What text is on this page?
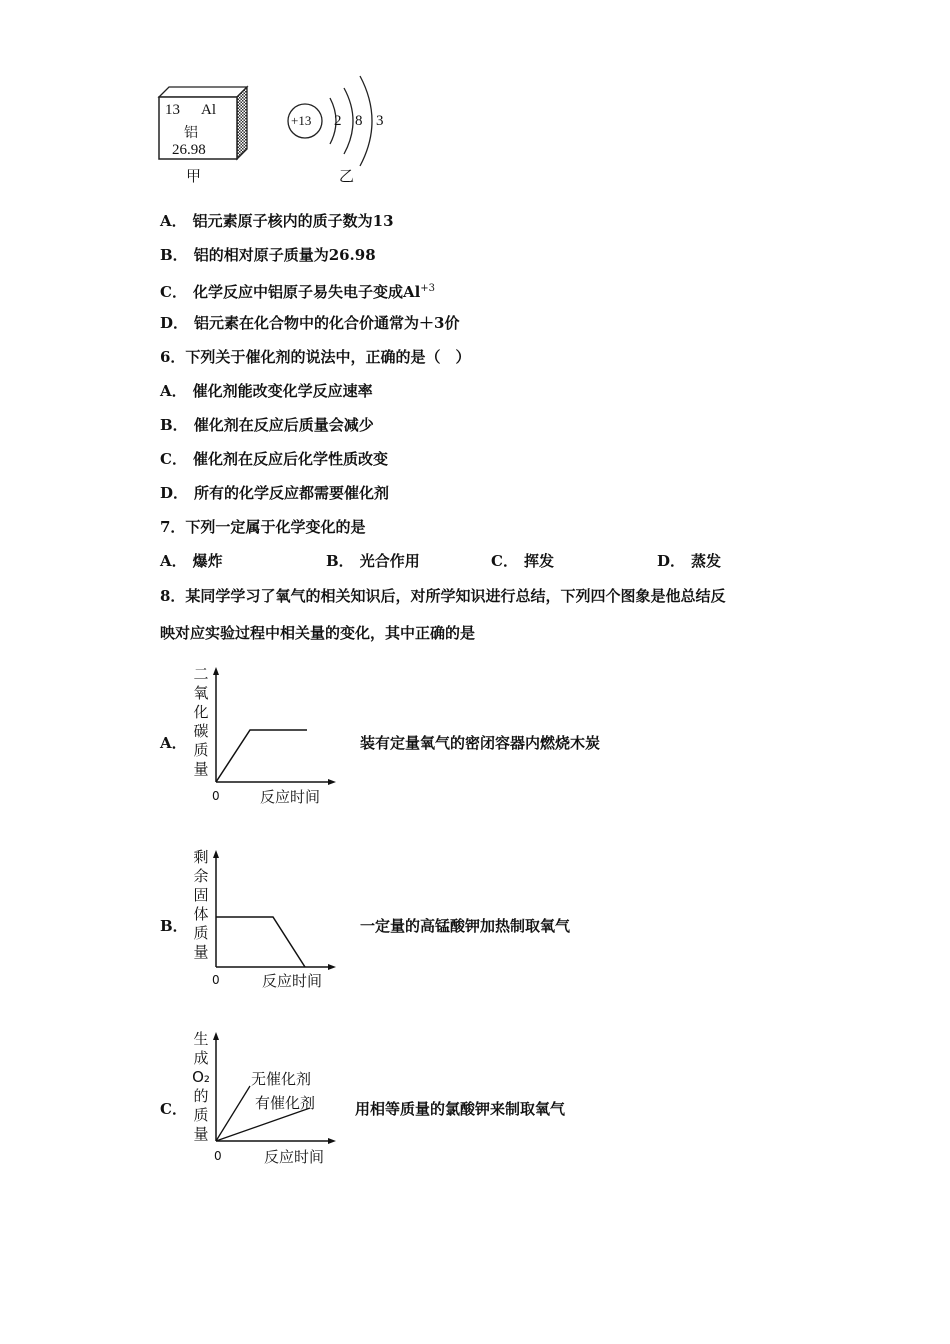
13 Al
铝
26.98
甲
+13 2 8 3
乙
A． 铝元素原子核内的质子数为13
B． 铝的相对原子质量为26.98
C． 化学反应中铝原子易失电子变成$Al^{+3}$
D． 铝元素在化合物中的化合价通常为＋3价
6．下列关于催化剂的说法中，正确的是（　）
A． 催化剂能改变化学反应速率
B． 催化剂在反应后质量会减少
C． 催化剂在反应后化学性质改变
D． 所有的化学反应都需要催化剂
7．下列一定属于化学变化的是
A． 爆炸	B． 光合作用	C． 挥发	D． 蒸发
8．某同学学习了氧气的相关知识后，对所学知识进行总结，下列四个图象是他总结反
映对应实验过程中相关量的变化，其中正确的是
A．
二
氧
化
碳
质
量
0	反应时间
装有定量氧气的密闭容器内燃烧木炭
B．
剩
余
固
体
质
量
0	反应时间
一定量的高锰酸钾加热制取氧气
C．
生
成
O₂
的
质
量
无催化剂
有催化剂
0	反应时间
用相等质量的氯酸钾来制取氧气
